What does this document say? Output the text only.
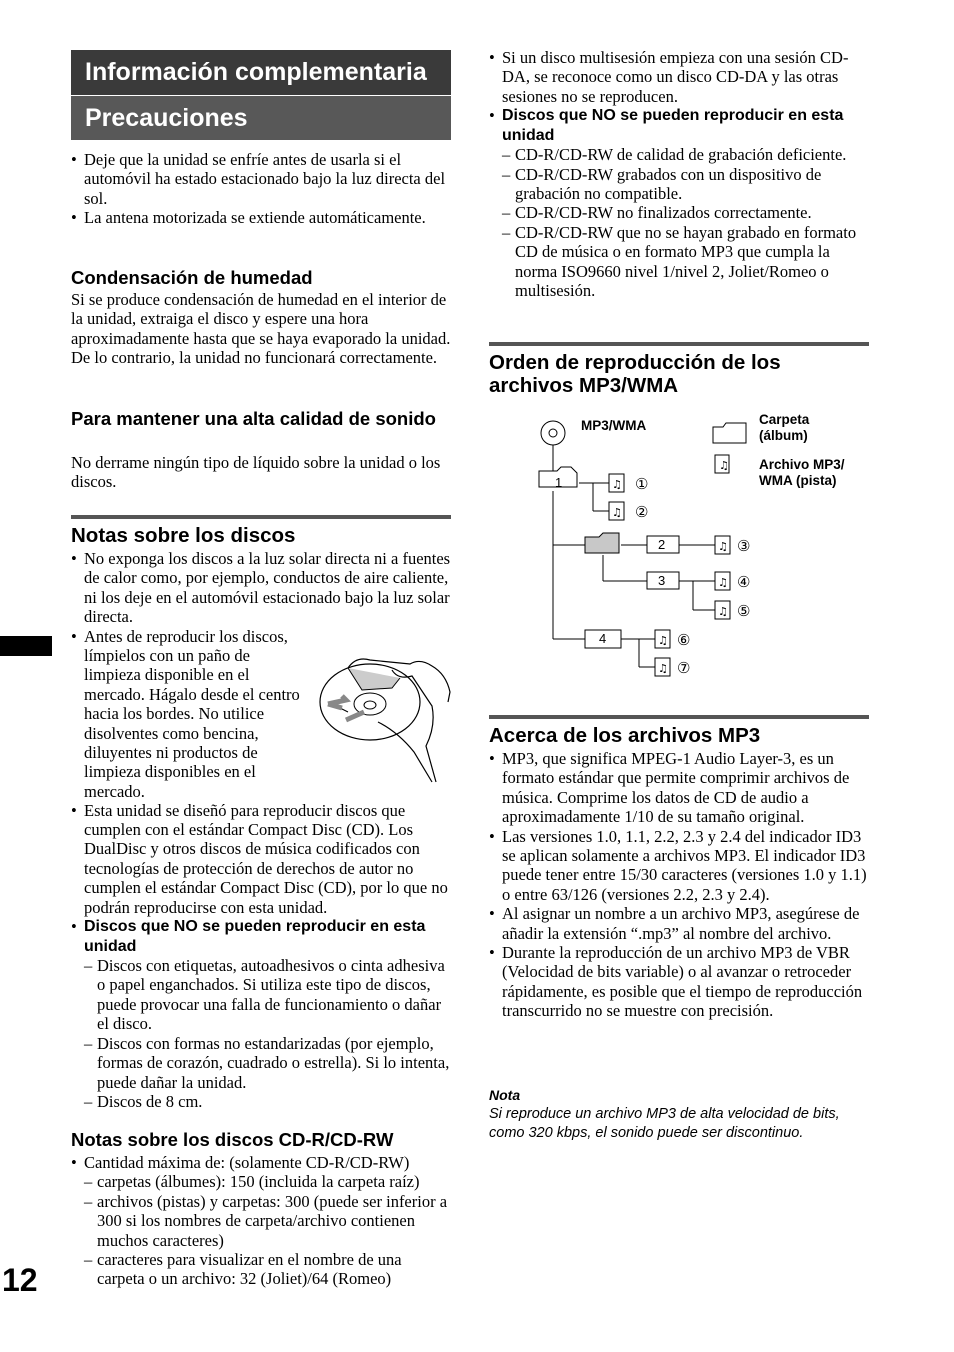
Información complementaria
Precauciones
• Deje que la unidad se enfríe antes de usarla si el automóvil ha estado estacionado bajo la luz directa del sol.
• La antena motorizada se extiende automáticamente.
Condensación de humedad
Si se produce condensación de humedad en el interior de la unidad, extraiga el disco y espere una hora aproximadamente hasta que se haya evaporado la unidad. De lo contrario, la unidad no funcionará correctamente.
Para mantener una alta calidad de sonido
No derrame ningún tipo de líquido sobre la unidad o los discos.
Notas sobre los discos
• No exponga los discos a la luz solar directa ni a fuentes de calor como, por ejemplo, conductos de aire caliente, ni los deje en el automóvil estacionado bajo la luz solar directa.
• Antes de reproducir los discos, límpielos con un paño de limpieza disponible en el mercado. Hágalo desde el centro hacia los bordes. No utilice disolventes como bencina, diluyentes ni productos de limpieza disponibles en el mercado.
• Esta unidad se diseñó para reproducir discos que cumplen con el estándar Compact Disc (CD). Los DualDisc y otros discos de música codificados con tecnologías de protección de derechos de autor no cumplen el estándar Compact Disc (CD), por lo que no podrán reproducirse con esta unidad.
• Discos que NO se pueden reproducir en esta unidad
– Discos con etiquetas, autoadhesivos o cinta adhesiva o papel enganchados. Si utiliza este tipo de discos, puede provocar una falla de funcionamiento o dañar el disco.
– Discos con formas no estandarizadas (por ejemplo, formas de corazón, cuadrado o estrella). Si lo intenta, puede dañar la unidad.
– Discos de 8 cm.
Notas sobre los discos CD-R/CD-RW
• Cantidad máxima de: (solamente CD-R/CD-RW)
– carpetas (álbumes): 150 (incluida la carpeta raíz)
– archivos (pistas) y carpetas: 300 (puede ser inferior a 300 si los nombres de carpeta/archivo contienen muchos caracteres)
– caracteres para visualizar en el nombre de una carpeta o un archivo: 32 (Joliet)/64 (Romeo)
12
• Si un disco multisesión empieza con una sesión CD-DA, se reconoce como un disco CD-DA y las otras sesiones no se reproducen.
• Discos que NO se pueden reproducir en esta unidad
– CD-R/CD-RW de calidad de grabación deficiente.
– CD-R/CD-RW grabados con un dispositivo de grabación no compatible.
– CD-R/CD-RW no finalizados correctamente.
– CD-R/CD-RW que no se hayan grabado en formato CD de música o en formato MP3 que cumpla la norma ISO9660 nivel 1/nivel 2, Joliet/Romeo o multisesión.
Orden de reproducción de los archivos MP3/WMA
♫
♫
♫
♫
♫
♫
♫
♫
MP3/WMA	Carpeta (álbum)
Archivo MP3/ WMA (pista)
1
2
3
4
①
②
③
④
⑤
⑥
⑦
Acerca de los archivos MP3
• MP3, que significa MPEG-1 Audio Layer-3, es un formato estándar que permite comprimir archivos de música. Comprime los datos de CD de audio a aproximadamente 1/10 de su tamaño original.
• Las versiones 1.0, 1.1, 2.2, 2.3 y 2.4 del indicador ID3 se aplican solamente a archivos MP3. El indicador ID3 puede tener entre 15/30 caracteres (versiones 1.0 y 1.1) o entre 63/126 (versiones 2.2, 2.3 y 2.4).
• Al asignar un nombre a un archivo MP3, asegúrese de añadir la extensión “.mp3” al nombre del archivo.
• Durante la reproducción de un archivo MP3 de VBR (Velocidad de bits variable) o al avanzar o retroceder rápidamente, es posible que el tiempo de reproducción transcurrido no se muestre con precisión.
Nota
Si reproduce un archivo MP3 de alta velocidad de bits, como 320 kbps, el sonido puede ser discontinuo.
